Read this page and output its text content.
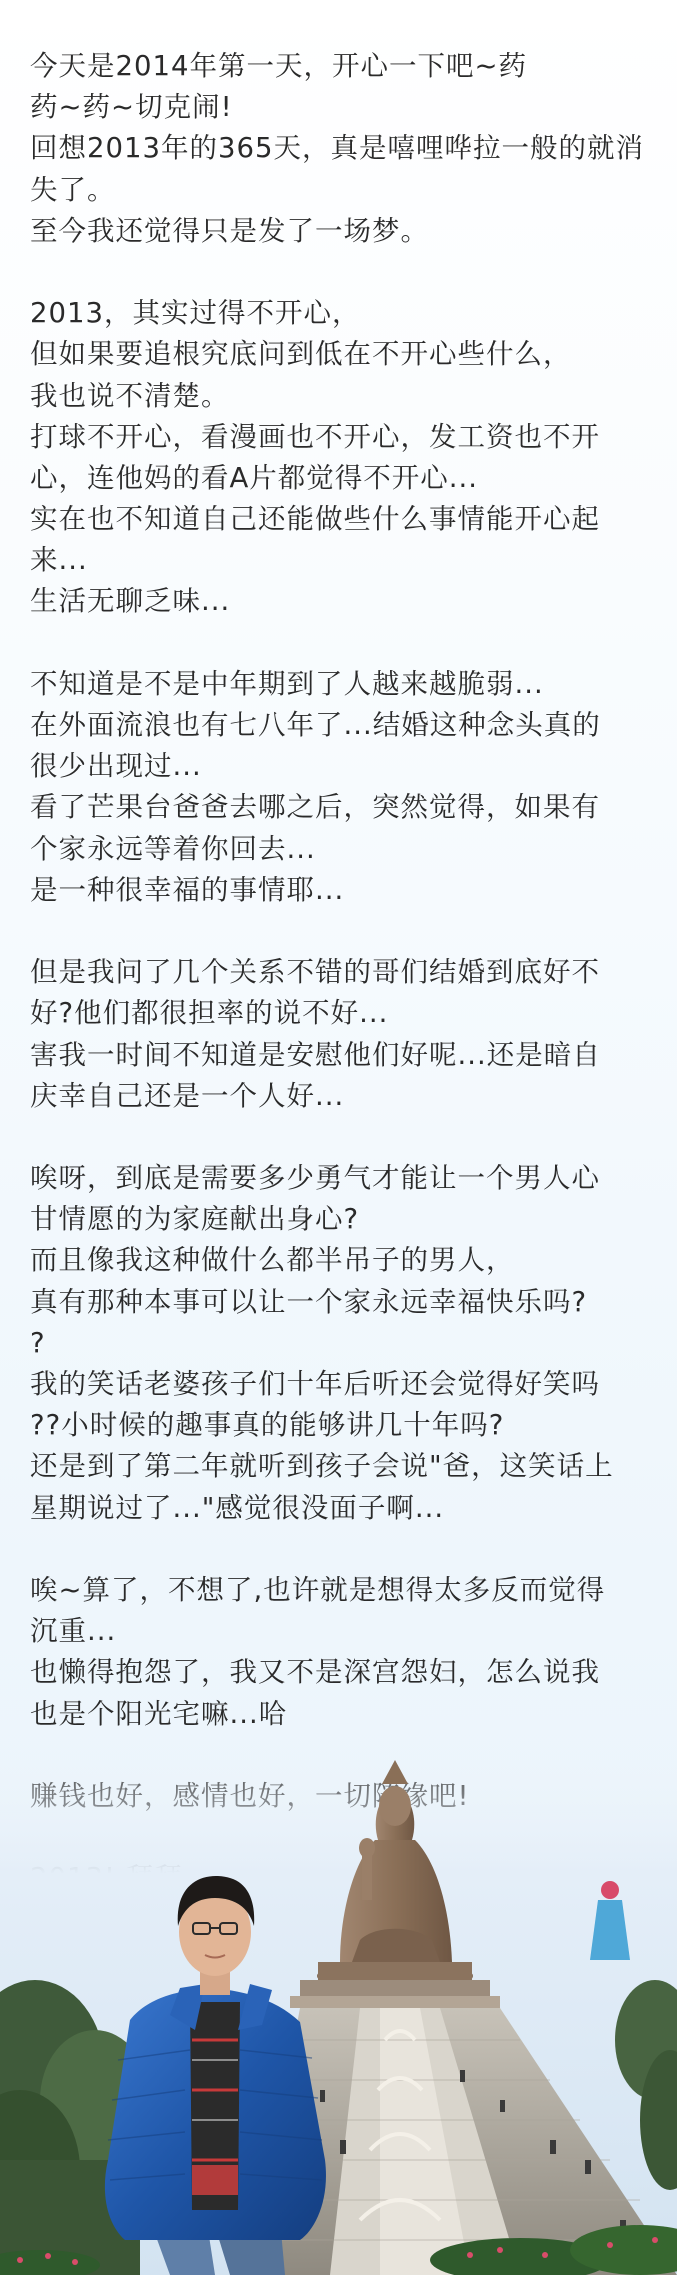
今天是2014年第一天，开心一下吧~药
药~药~切克闹!
回想2013年的365天，真是嘻哩哗拉一般的就消
失了。
至今我还觉得只是发了一场梦。
2013，其实过得不开心，
但如果要追根究底问到低在不开心些什么，
我也说不清楚。
打球不开心，看漫画也不开心，发工资也不开
心，连他妈的看A片都觉得不开心...
实在也不知道自己还能做些什么事情能开心起
来...
生活无聊乏味...
不知道是不是中年期到了人越来越脆弱...
在外面流浪也有七八年了...结婚这种念头真的
很少出现过...
看了芒果台爸爸去哪之后，突然觉得，如果有
个家永远等着你回去...
是一种很幸福的事情耶...
但是我问了几个关系不错的哥们结婚到底好不
好?他们都很担率的说不好...
害我一时间不知道是安慰他们好呢...还是暗自
庆幸自己还是一个人好...
唉呀，到底是需要多少勇气才能让一个男人心
甘情愿的为家庭献出身心?
而且像我这种做什么都半吊子的男人，
真有那种本事可以让一个家永远幸福快乐吗?
?
我的笑话老婆孩子们十年后听还会觉得好笑吗
??小时候的趣事真的能够讲几十年吗?
还是到了第二年就听到孩子会说"爸，这笑话上
星期说过了..."感觉很没面子啊...
唉~算了，不想了,也许就是想得太多反而觉得
沉重...
也懒得抱怨了，我又不是深宫怨妇，怎么说我
也是个阳光宅嘛...哈
